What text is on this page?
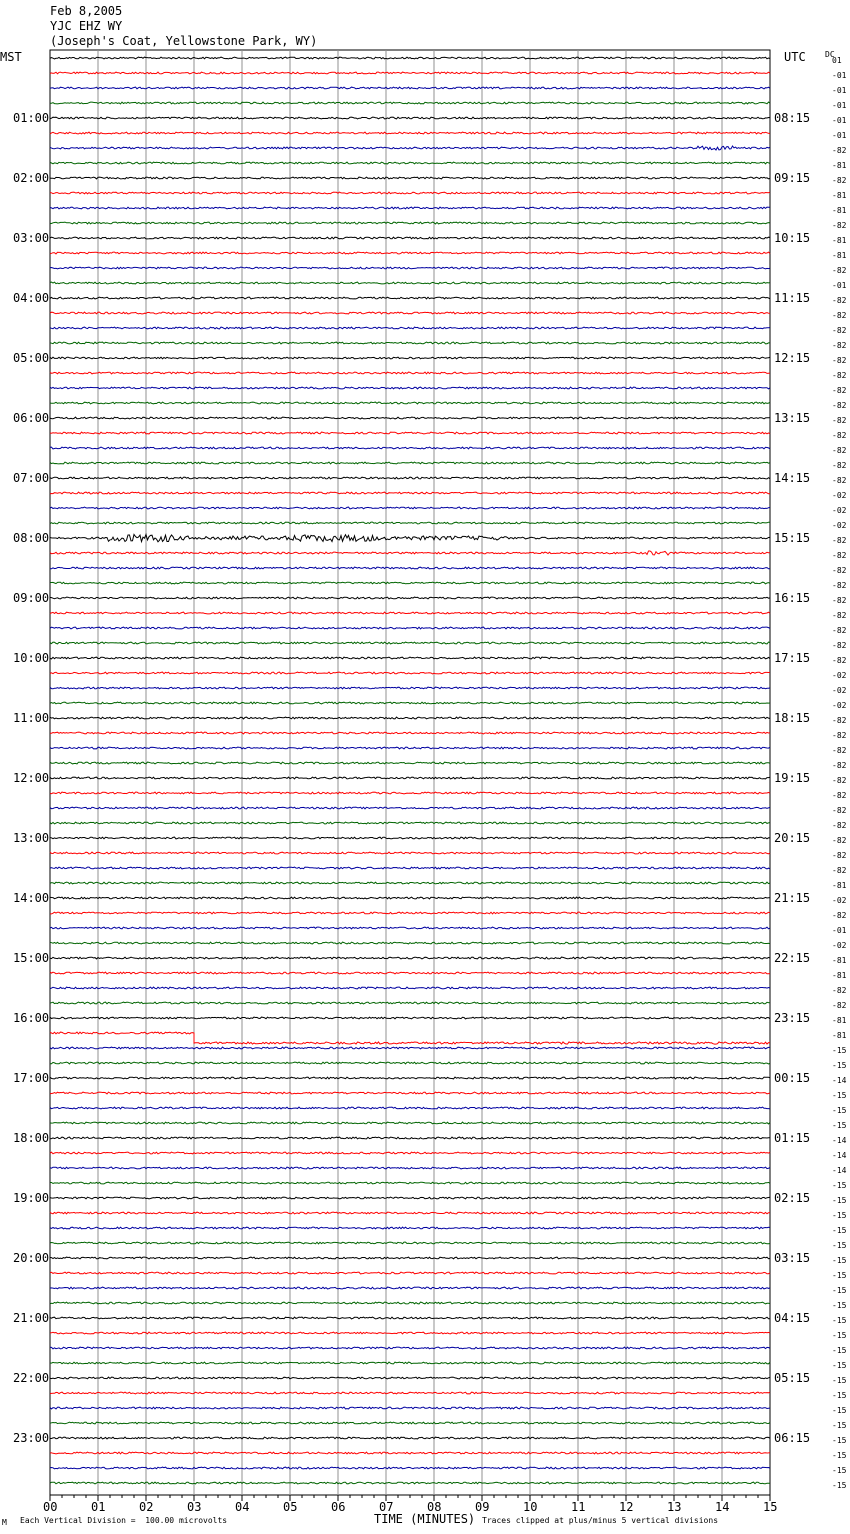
Feb 8,2005
YJC EHZ WY
(Joseph's Coat, Yellowstone Park, WY)
MST	UTC DC
01:00
02:00
03:00
04:00
05:00
06:00
07:00
08:00
09:00
10:00
11:00
12:00
13:00
14:00
15:00
16:00
17:00
18:00
19:00
20:00
21:00
22:00
23:00
08:15
09:15
10:15
11:15
12:15
13:15
14:15
15:15
16:15
17:15
18:15
19:15
20:15
21:15
22:15
23:15
00:15
01:15
02:15
03:15
04:15
05:15
06:15
01
-01
-01
-01
-01
-01
-82
-81
-82
-81
-81
-82
-81
-81
-82
-01
-82
-82
-82
-82
-82
-82
-82
-82
-82
-82
-82
-82
-82
-02
-02
-02
-82
-82
-82
-82
-82
-82
-82
-82
-82
-02
-02
-02
-82
-82
-82
-82
-82
-82
-82
-82
-82
-82
-82
-81
-02
-82
-01
-02
-81
-81
-82
-82
-81
-81
-15
-15
-14
-15
-15
-15
-14
-14
-14
-15
-15
-15
-15
-15
-15
-15
-15
-15
-15
-15
-15
-15
-15
-15
-15
-15
-15
-15
-15
-15
00	01	02	03	04	05	06	07	08	09	10	11	12	13	14	15
M Each Vertical Division =  100.00 microvolts	TIME (MINUTES) Traces clipped at plus/minus 5 vertical divisions
